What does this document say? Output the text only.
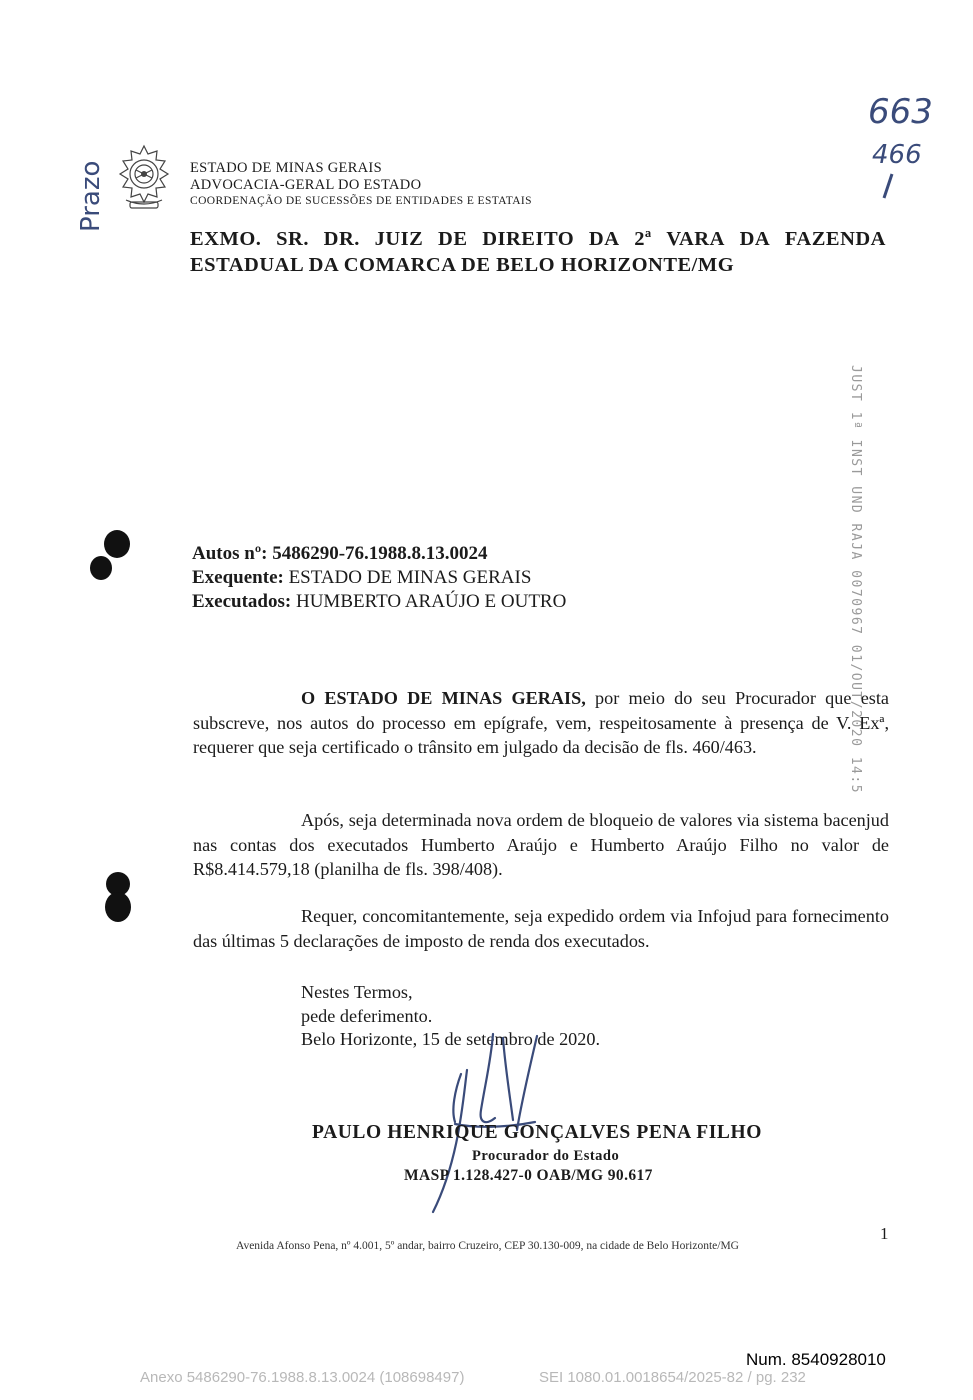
ESTADO DE MINAS GERAIS
ADVOCACIA-GERAL DO ESTADO
COORDENAÇÃO DE SUCESSÕES DE ENTIDADES E ESTATAIS
Prazo
663
466
EXMO. SR. DR. JUIZ DE DIREITO DA 2ª VARA DA FAZENDA
ESTADUAL DA COMARCA DE BELO HORIZONTE/MG
JUST 1ª INST UND RAJA 0070967 01/OUT/2020 14:5
Autos nº: 5486290-76.1988.8.13.0024
Exequente: ESTADO DE MINAS GERAIS
Executados: HUMBERTO ARAÚJO E OUTRO
O ESTADO DE MINAS GERAIS, por meio do seu Procurador que esta subscreve, nos autos do processo em epígrafe, vem, respeitosamente à presença de V. Exª, requerer que seja certificado o trânsito em julgado da decisão de fls. 460/463.
Após, seja determinada nova ordem de bloqueio de valores via sistema bacenjud nas contas dos executados Humberto Araújo e Humberto Araújo Filho no valor de R$8.414.579,18 (planilha de fls. 398/408).
Requer, concomitantemente, seja expedido ordem via Infojud para fornecimento das últimas 5 declarações de imposto de renda dos executados.
Nestes Termos,
pede deferimento.
Belo Horizonte, 15 de setembro de 2020.
PAULO HENRIQUE GONÇALVES PENA FILHO
Procurador do Estado
MASP 1.128.427-0 OAB/MG 90.617
1
Avenida Afonso Pena, nº 4.001, 5º andar, bairro Cruzeiro, CEP 30.130-009, na cidade de Belo Horizonte/MG
Num. 8540928010
Anexo 5486290-76.1988.8.13.0024 (108698497)	SEI 1080.01.0018654/2025-82 / pg. 232
